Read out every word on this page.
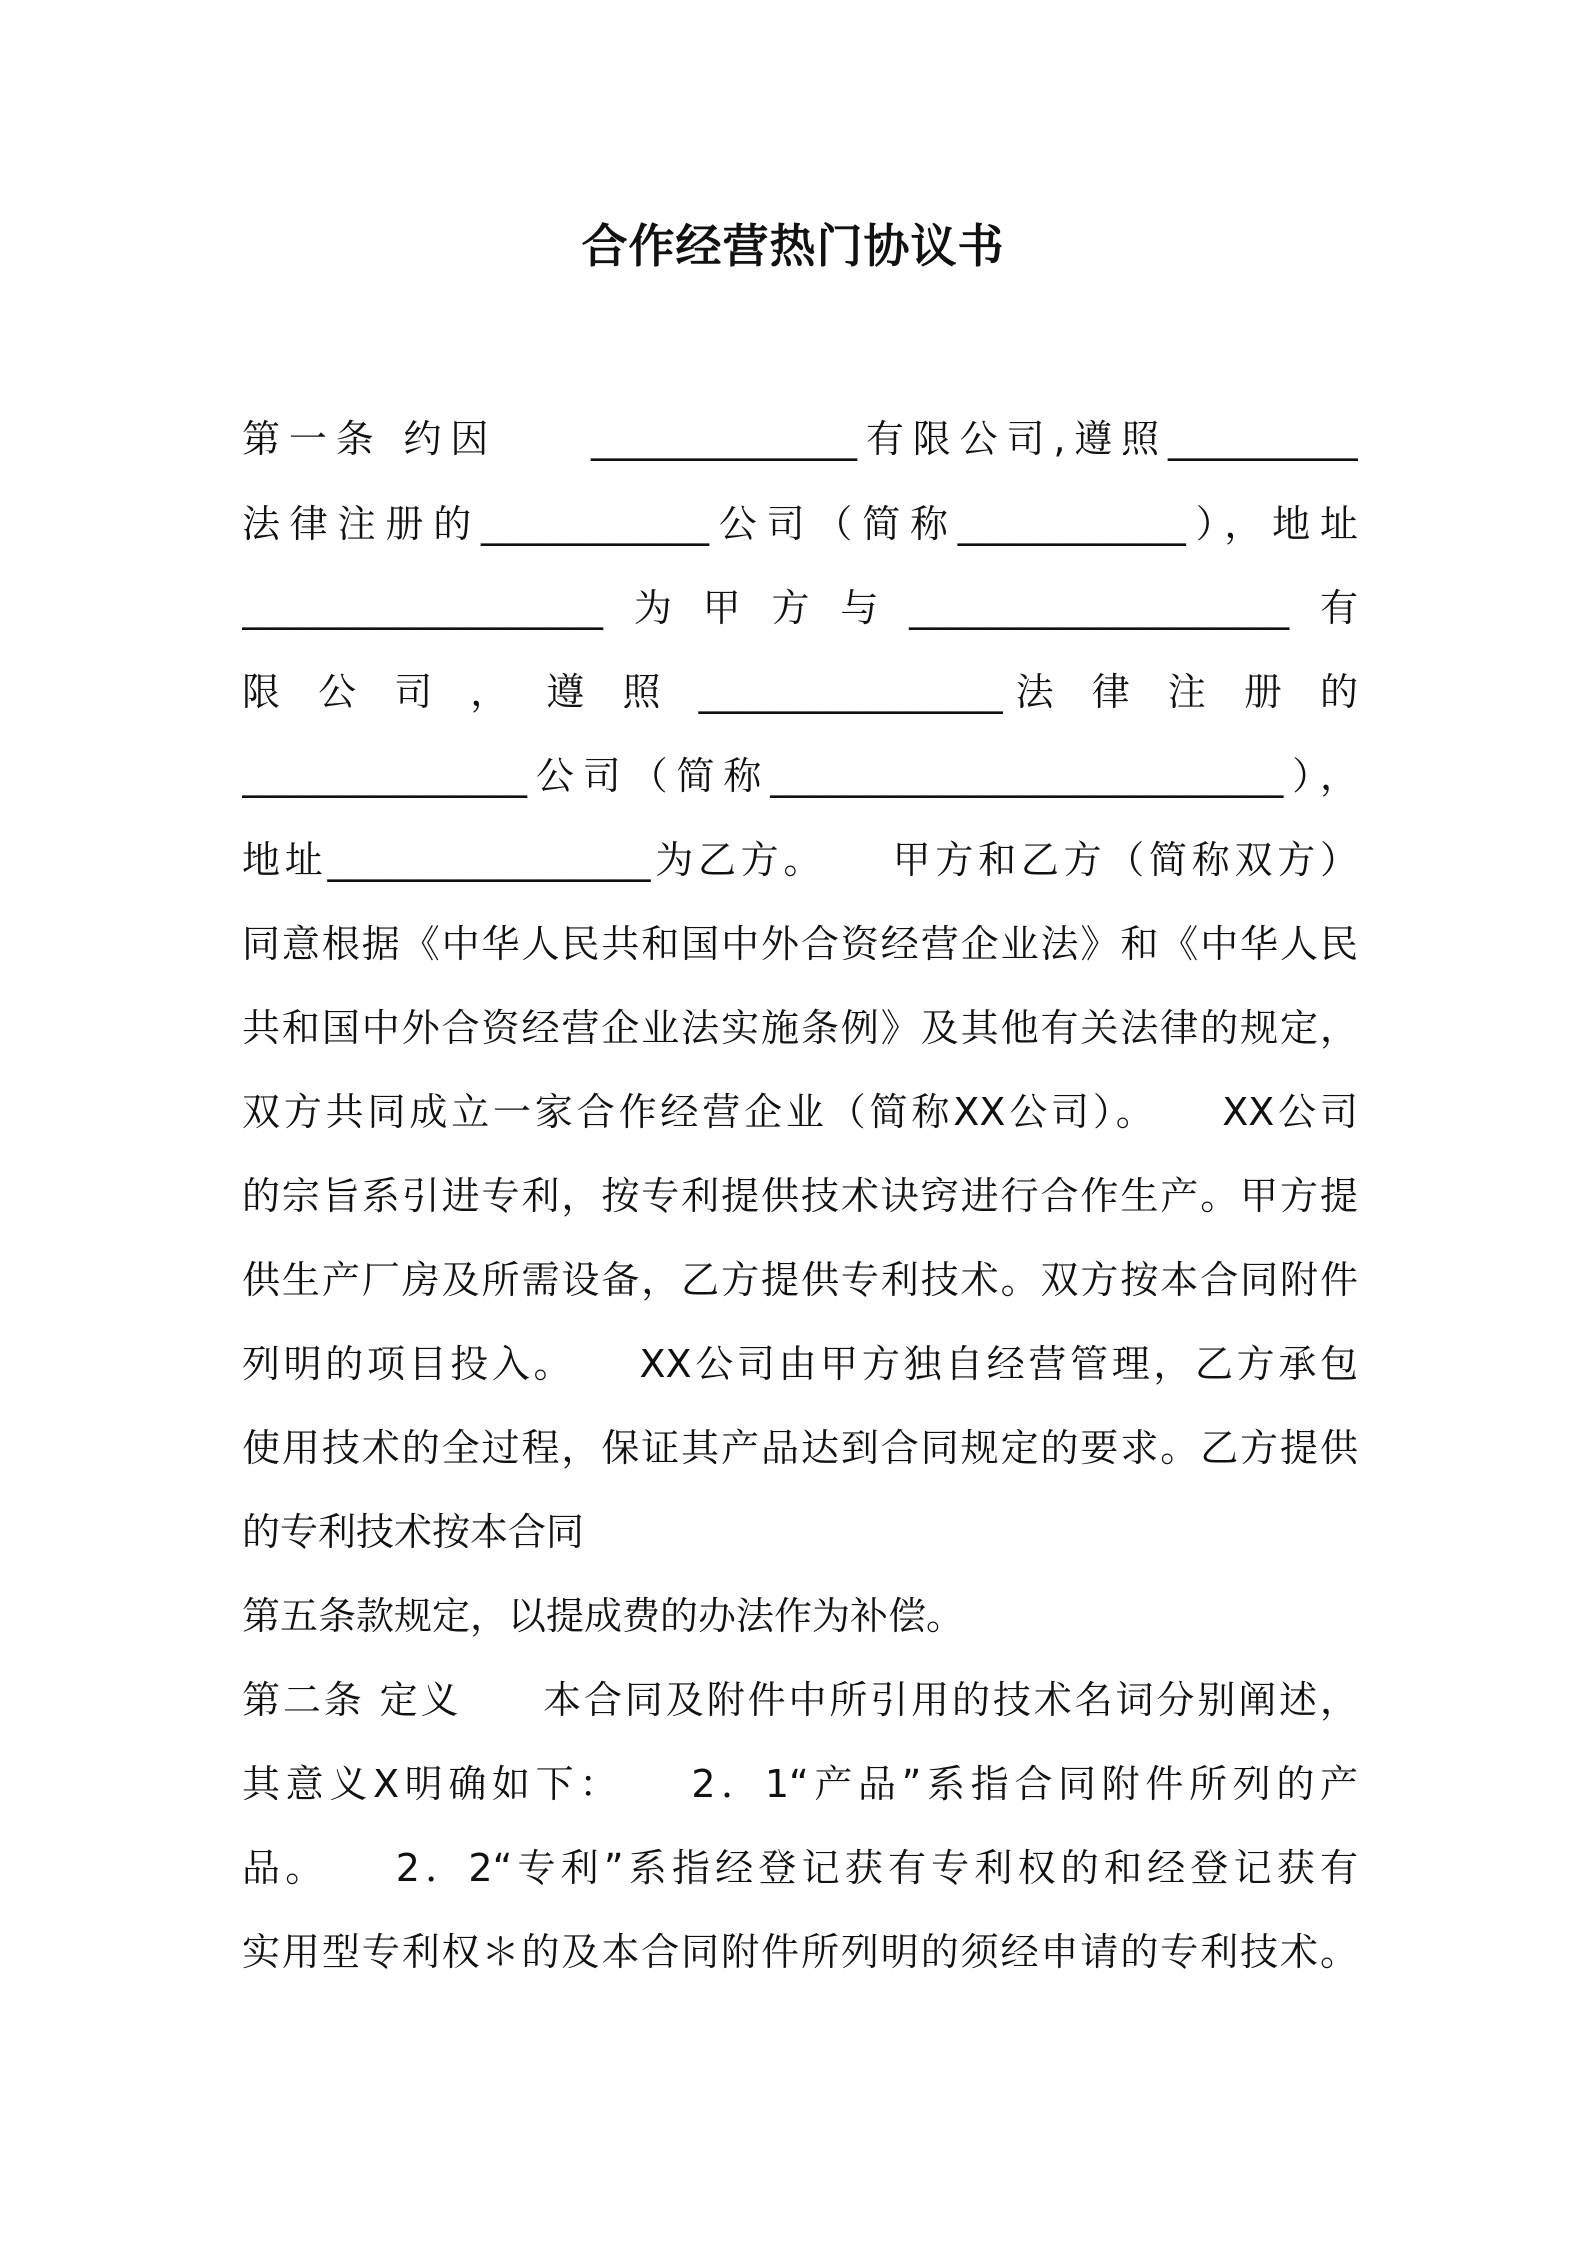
合作经营热门协议书
第一条 约因　　______________有限公司,遵照__________
法律注册的____________公司（简称____________），地址
___________________为甲方与____________________有
限 公 司 ， 遵 照 ________________法 律 注 册 的
_______________公司（简称___________________________），
地址_________________为乙方。　　甲方和乙方（简称双方）
同意根据《中华人民共和国中外合资经营企业法》和《中华人民
共和国中外合资经营企业法实施条例》及其他有关法律的规定，
双方共同成立一家合作经营企业（简称XX公司）。　　XX公司
的宗旨系引进专利，按专利提供技术诀窍进行合作生产。甲方提
供生产厂房及所需设备，乙方提供专利技术。双方按本合同附件
列明的项目投入。　　XX公司由甲方独自经营管理，乙方承包
使用技术的全过程，保证其产品达到合同规定的要求。乙方提供
的专利技术按本合同
第五条款规定，以提成费的办法作为补偿。
第二条 定义　　本合同及附件中所引用的技术名词分别阐述，
其意义X明确如下：　　2．1“产品”系指合同附件所列的产
品。　　2．2“专利”系指经登记获有专利权的和经登记获有
实用型专利权＊的及本合同附件所列明的须经申请的专利技术。
